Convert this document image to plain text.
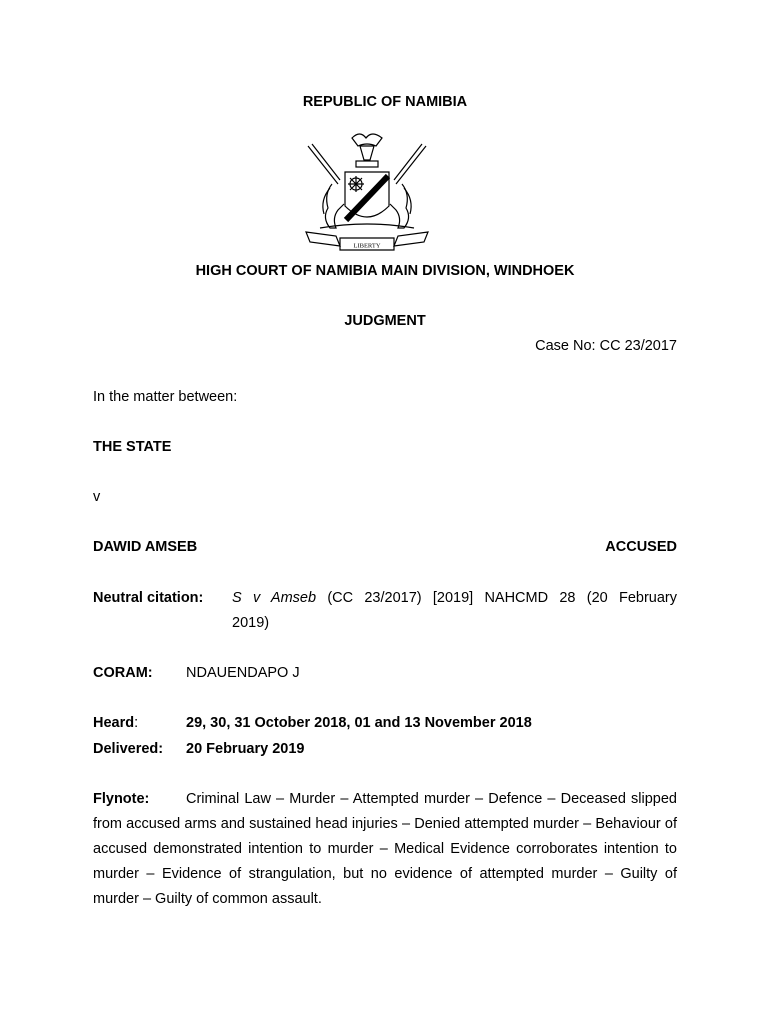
REPUBLIC OF NAMIBIA
LIBERTY
HIGH COURT OF NAMIBIA MAIN DIVISION, WINDHOEK
JUDGMENT
Case No: CC 23/2017
In the matter between:
THE STATE
v
DAWID AMSEB	ACCUSED
Neutral citation:	S v Amseb (CC 23/2017) [2019] NAHCMD 28 (20 February
2019)
CORAM:	NDAUENDAPO J
Heard:	29, 30, 31 October 2018, 01 and 13 November 2018
Delivered:	20 February 2019
Flynote:	Criminal Law – Murder – Attempted murder – Defence – Deceased slipped from accused arms and sustained head injuries – Denied attempted murder – Behaviour of accused demonstrated intention to murder – Medical Evidence corroborates intention to murder – Evidence of strangulation, but no evidence of attempted murder – Guilty of murder – Guilty of common assault.
